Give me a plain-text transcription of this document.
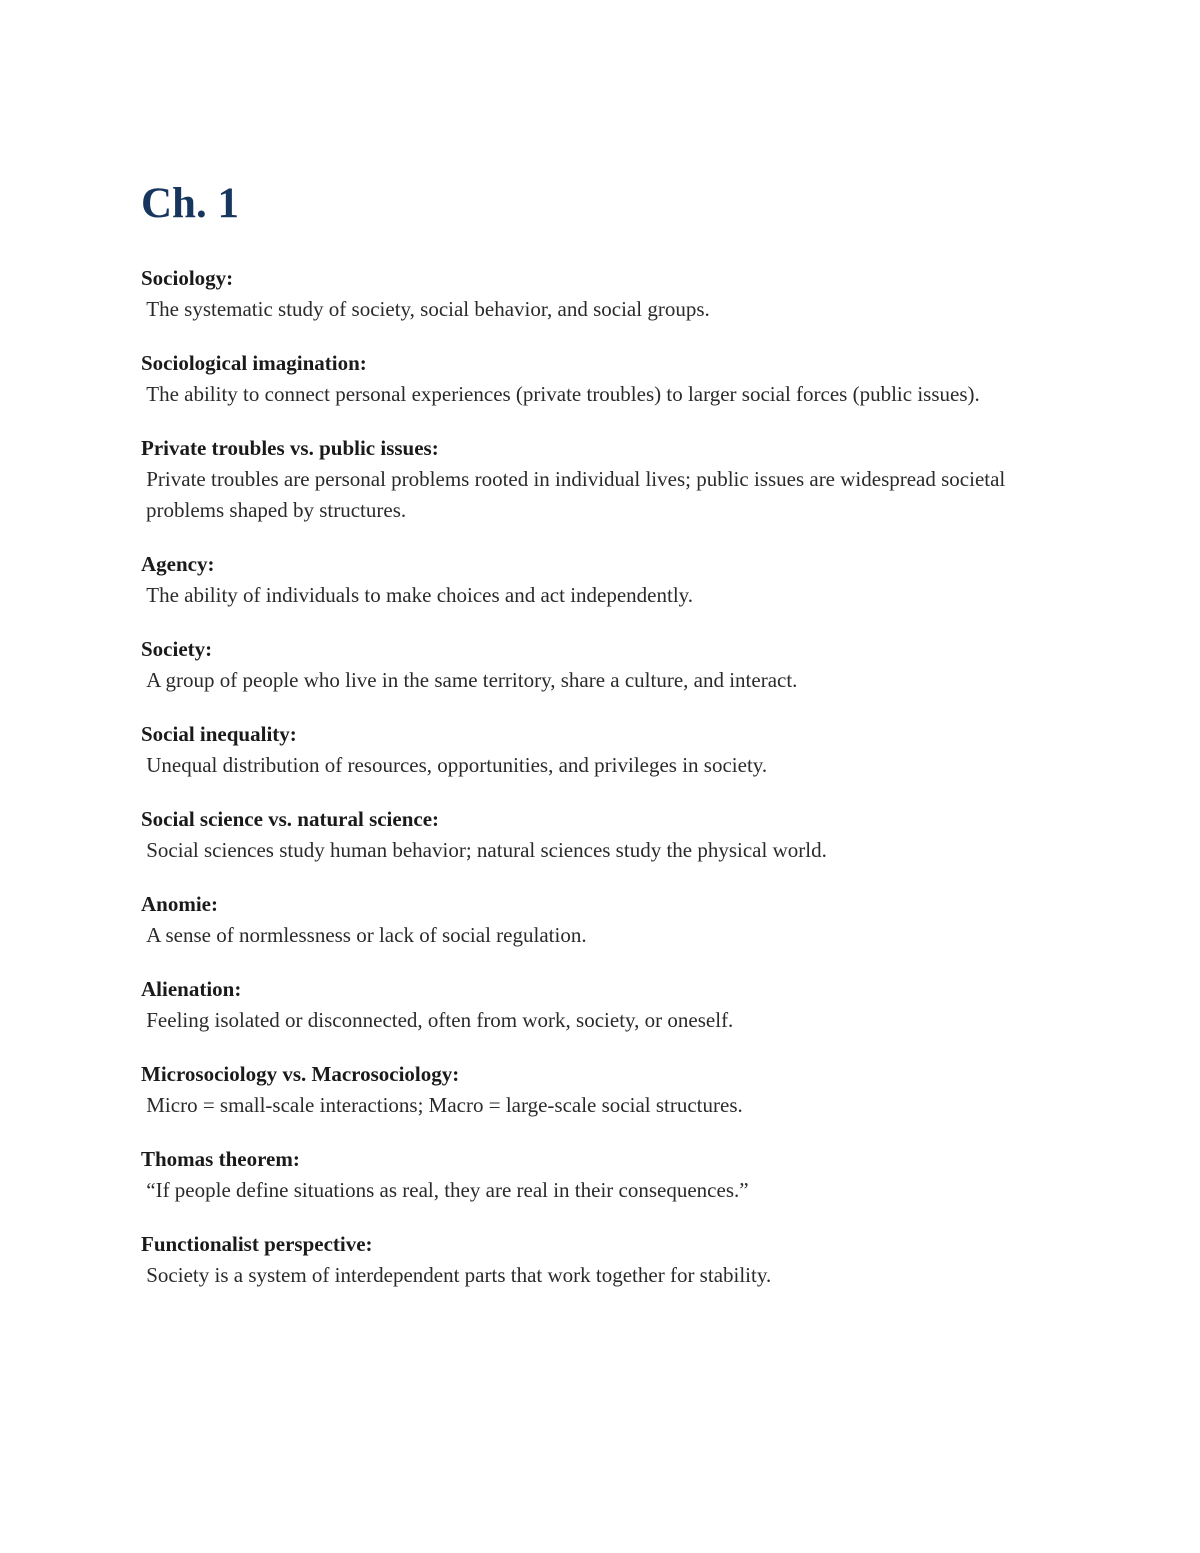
Ch. 1
Sociology:
The systematic study of society, social behavior, and social groups.
Sociological imagination:
The ability to connect personal experiences (private troubles) to larger social forces (public issues).
Private troubles vs. public issues:
Private troubles are personal problems rooted in individual lives; public issues are widespread societal problems shaped by structures.
Agency:
The ability of individuals to make choices and act independently.
Society:
A group of people who live in the same territory, share a culture, and interact.
Social inequality:
Unequal distribution of resources, opportunities, and privileges in society.
Social science vs. natural science:
Social sciences study human behavior; natural sciences study the physical world.
Anomie:
A sense of normlessness or lack of social regulation.
Alienation:
Feeling isolated or disconnected, often from work, society, or oneself.
Microsociology vs. Macrosociology:
Micro = small-scale interactions; Macro = large-scale social structures.
Thomas theorem:
“If people define situations as real, they are real in their consequences.”
Functionalist perspective:
Society is a system of interdependent parts that work together for stability.
